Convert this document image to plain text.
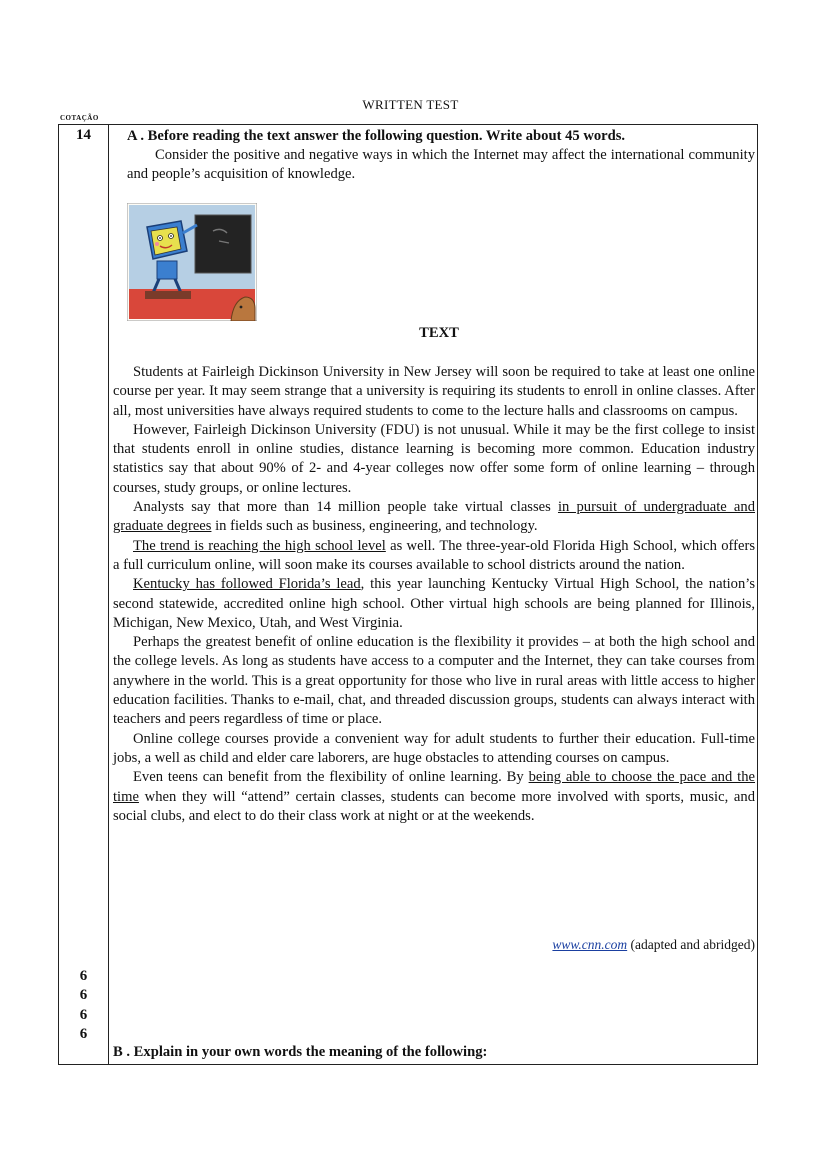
WRITTEN TEST
COTAÇÃO
14
6
6
6
6
A . Before reading the text answer the following question. Write about 45 words.
Consider the positive and negative ways in which the Internet may affect the international community and people’s acquisition of knowledge.
TEXT

Students at Fairleigh Dickinson University in New Jersey will soon be required to take at least one online course per year. It may seem strange that a university is requiring its students to enroll in online classes. After all, most universities have always required students to come to the lecture halls and classrooms on campus.

However, Fairleigh Dickinson University (FDU) is not unusual. While it may be the first college to insist that students enroll in online studies, distance learning is becoming more common. Education industry statistics say that about 90% of 2- and 4-year colleges now offer some form of online learning – through courses, study groups, or online lectures.

Analysts say that more than 14 million people take virtual classes in pursuit of undergraduate and graduate degrees in fields such as business, engineering, and technology.

The trend is reaching the high school level as well. The three-year-old Florida High School, which offers a full curriculum online, will soon make its courses available to school districts around the nation.

Kentucky has followed Florida’s lead, this year launching Kentucky Virtual High School, the nation’s second statewide, accredited online high school. Other virtual high schools are being planned for Illinois, Michigan, New Mexico, Utah, and West Virginia.

Perhaps the greatest benefit of online education is the flexibility it provides – at both the high school and the college levels. As long as students have access to a computer and the Internet, they can take courses from anywhere in the world. This is a great opportunity for those who live in rural areas with little access to higher education facilities. Thanks to e-mail, chat, and threaded discussion groups, students can always interact with teachers and peers regardless of time or place.

Online college courses provide a convenient way for adult students to further their education. Full-time jobs, a well as child and elder care laborers, are huge obstacles to attending courses on campus.

Even teens can benefit from the flexibility of online learning. By being able to choose the pace and the time when they will “attend” certain classes, students can become more involved with sports, music, and social clubs, and elect to do their class work at night or at the weekends.

www.cnn.com (adapted and abridged)
B . Explain in your own words the meaning of the following:
